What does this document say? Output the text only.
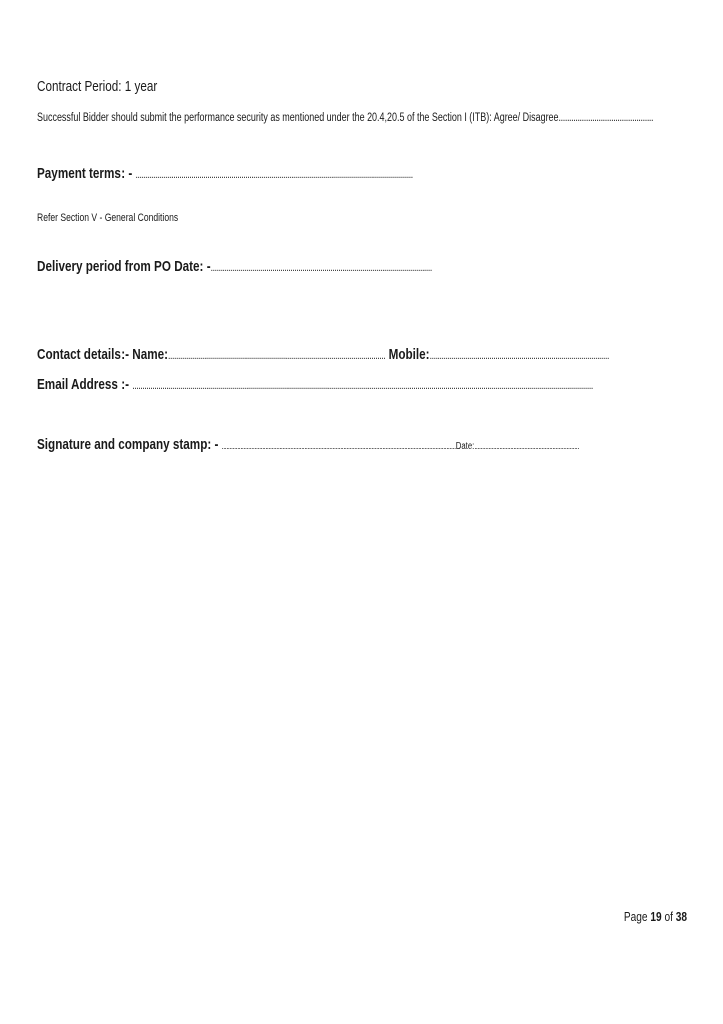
Contract Period: 1 year
Successful Bidder should submit the performance security as mentioned under the 20.4,20.5 of the Section I (ITB): Agree/ Disagree.............................................
Payment terms: - ...........................................................................................................................................
Refer Section V - General Conditions
Delivery period from PO Date: -...............................................................................................................
Contact details:- Name:............................................................................................................. Mobile:..........................................................................................
Email Address :- .......................................................................................................................................................................................................................................
Signature and company stamp: - ......................................................................................................................................................Date:...................................................................
Page 19 of 38
